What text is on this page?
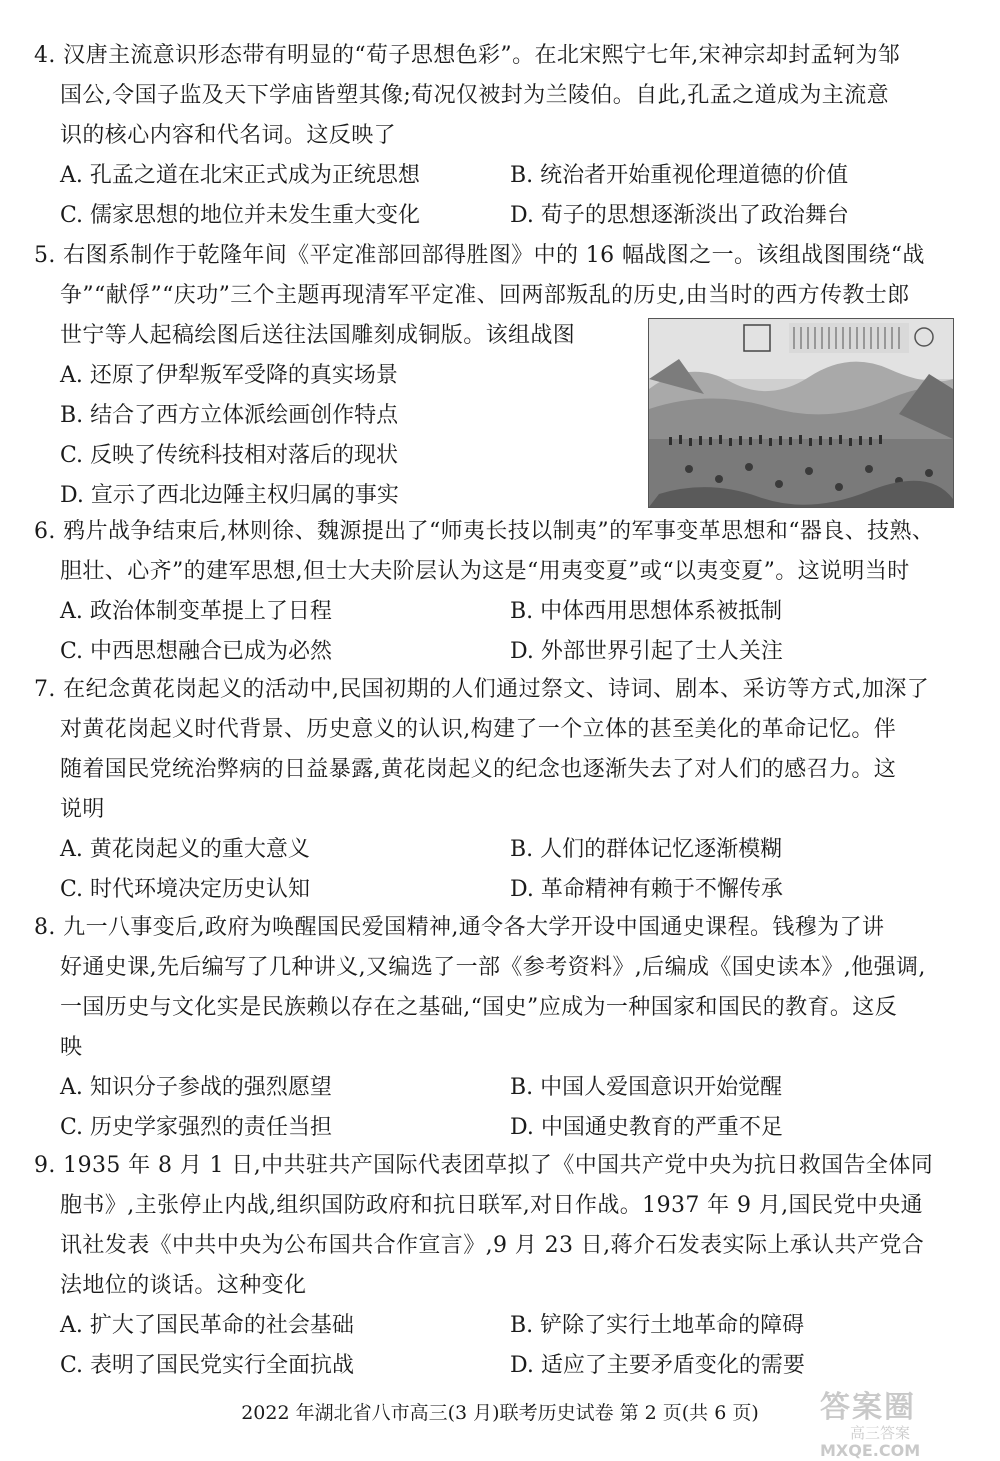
4. 汉唐主流意识形态带有明显的“荀子思想色彩”。在北宋熙宁七年,宋神宗却封孟轲为邹
国公,令国子监及天下学庙皆塑其像;荀况仅被封为兰陵伯。自此,孔孟之道成为主流意
识的核心内容和代名词。这反映了
A. 孔孟之道在北宋正式成为正统思想	B. 统治者开始重视伦理道德的价值
C. 儒家思想的地位并未发生重大变化	D. 荀子的思想逐渐淡出了政治舞台
5. 右图系制作于乾隆年间《平定准部回部得胜图》中的 16 幅战图之一。该组战图围绕“战
争”“献俘”“庆功”三个主题再现清军平定准、回两部叛乱的历史,由当时的西方传教士郎
世宁等人起稿绘图后送往法国雕刻成铜版。该组战图
A. 还原了伊犁叛军受降的真实场景
B. 结合了西方立体派绘画创作特点
C. 反映了传统科技相对落后的现状
D. 宣示了西北边陲主权归属的事实
6. 鸦片战争结束后,林则徐、魏源提出了“师夷长技以制夷”的军事变革思想和“器良、技熟、
胆壮、心齐”的建军思想,但士大夫阶层认为这是“用夷变夏”或“以夷变夏”。这说明当时
A. 政治体制变革提上了日程	B. 中体西用思想体系被抵制
C. 中西思想融合已成为必然	D. 外部世界引起了士人关注
7. 在纪念黄花岗起义的活动中,民国初期的人们通过祭文、诗词、剧本、采访等方式,加深了
对黄花岗起义时代背景、历史意义的认识,构建了一个立体的甚至美化的革命记忆。伴
随着国民党统治弊病的日益暴露,黄花岗起义的纪念也逐渐失去了对人们的感召力。这
说明
A. 黄花岗起义的重大意义	B. 人们的群体记忆逐渐模糊
C. 时代环境决定历史认知	D. 革命精神有赖于不懈传承
8. 九一八事变后,政府为唤醒国民爱国精神,通令各大学开设中国通史课程。钱穆为了讲
好通史课,先后编写了几种讲义,又编选了一部《参考资料》,后编成《国史读本》,他强调,
一国历史与文化实是民族赖以存在之基础,“国史”应成为一种国家和国民的教育。这反
映
A. 知识分子参战的强烈愿望	B. 中国人爱国意识开始觉醒
C. 历史学家强烈的责任当担	D. 中国通史教育的严重不足
9. 1935 年 8 月 1 日,中共驻共产国际代表团草拟了《中国共产党中央为抗日救国告全体同
胞书》,主张停止内战,组织国防政府和抗日联军,对日作战。1937 年 9 月,国民党中央通
讯社发表《中共中央为公布国共合作宣言》,9 月 23 日,蒋介石发表实际上承认共产党合
法地位的谈话。这种变化
A. 扩大了国民革命的社会基础	B. 铲除了实行土地革命的障碍
C. 表明了国民党实行全面抗战	D. 适应了主要矛盾变化的需要
2022 年湖北省八市高三(3 月)联考历史试卷 第 2 页(共 6 页)	答案圈
高三答案
MXQE.COM
